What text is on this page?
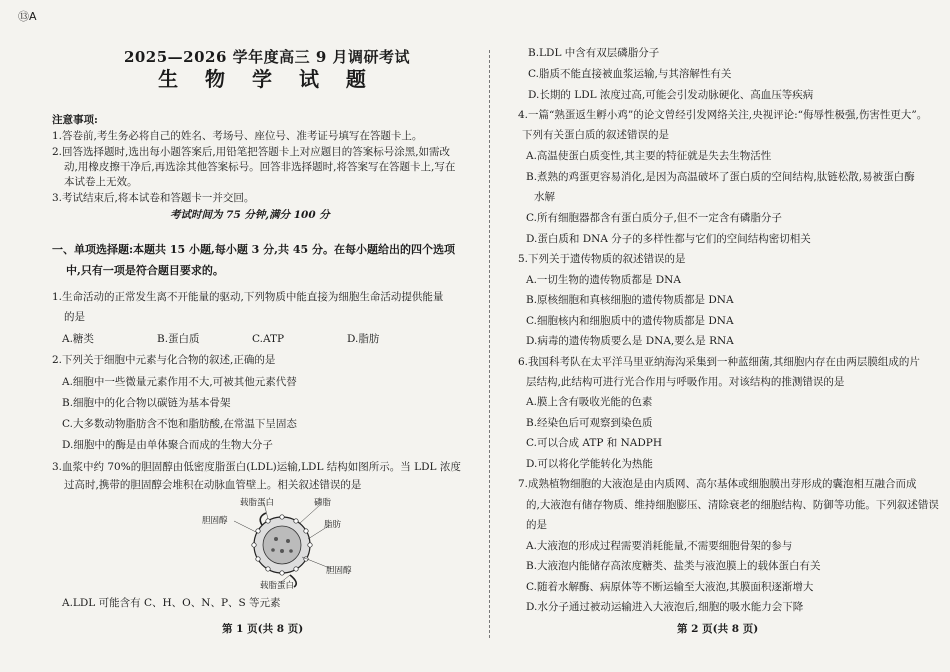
⑬A
2025—2026 学年度高三 9 月调研考试
生 物 学 试 题
注意事项:
1.答卷前,考生务必将自己的姓名、考场号、座位号、准考证号填写在答题卡上。
2.回答选择题时,选出每小题答案后,用铅笔把答题卡上对应题目的答案标号涂黑,如需改
动,用橡皮擦干净后,再选涂其他答案标号。回答非选择题时,将答案写在答题卡上,写在
本试卷上无效。
3.考试结束后,将本试卷和答题卡一并交回。
考试时间为 75 分钟,满分 100 分
一、单项选择题:本题共 15 小题,每小题 3 分,共 45 分。在每小题给出的四个选项
中,只有一项是符合题目要求的。
1.生命活动的正常发生离不开能量的驱动,下列物质中能直接为细胞生命活动提供能量
的是
A.糖类	B.蛋白质	C.ATP	D.脂肪
2.下列关于细胞中元素与化合物的叙述,正确的是
A.细胞中一些微量元素作用不大,可被其他元素代替
B.细胞中的化合物以碳链为基本骨架
C.大多数动物脂肪含不饱和脂肪酸,在常温下呈固态
D.细胞中的酶是由单体聚合而成的生物大分子
3.血浆中约 70%的胆固醇由低密度脂蛋白(LDL)运输,LDL 结构如图所示。当 LDL 浓度
过高时,携带的胆固醇会堆积在动脉血管壁上。相关叙述错误的是
载脂蛋白	磷脂
胆固醇	脂肪
胆固醇
载脂蛋白
A.LDL 可能含有 C、H、O、N、P、S 等元素
B.LDL 中含有双层磷脂分子
C.脂质不能直接被血浆运输,与其溶解性有关
D.长期的 LDL 浓度过高,可能会引发动脉硬化、高血压等疾病
4.一篇“熟蛋返生孵小鸡”的论文曾经引发网络关注,央视评论:“侮辱性极强,伤害性更大”。
下列有关蛋白质的叙述错误的是
A.高温使蛋白质变性,其主要的特征就是失去生物活性
B.煮熟的鸡蛋更容易消化,是因为高温破坏了蛋白质的空间结构,肽链松散,易被蛋白酶
水解
C.所有细胞器都含有蛋白质分子,但不一定含有磷脂分子
D.蛋白质和 DNA 分子的多样性都与它们的空间结构密切相关
5.下列关于遗传物质的叙述错误的是
A.一切生物的遗传物质都是 DNA
B.原核细胞和真核细胞的遗传物质都是 DNA
C.细胞核内和细胞质中的遗传物质都是 DNA
D.病毒的遗传物质要么是 DNA,要么是 RNA
6.我国科考队在太平洋马里亚纳海沟采集到一种蓝细菌,其细胞内存在由两层膜组成的片
层结构,此结构可进行光合作用与呼吸作用。对该结构的推测错误的是
A.膜上含有吸收光能的色素
B.经染色后可观察到染色质
C.可以合成 ATP 和 NADPH
D.可以将化学能转化为热能
7.成熟植物细胞的大液泡是由内质网、高尔基体或细胞膜出芽形成的囊泡相互融合而成
的,大液泡有储存物质、维持细胞膨压、清除衰老的细胞结构、防御等功能。下列叙述错误
的是
A.大液泡的形成过程需要消耗能量,不需要细胞骨架的参与
B.大液泡内能储存高浓度糖类、盐类与液泡膜上的载体蛋白有关
C.随着水解酶、病原体等不断运输至大液泡,其膜面积逐渐增大
D.水分子通过被动运输进入大液泡后,细胞的吸水能力会下降
第 1 页(共 8 页)	第 2 页(共 8 页)
